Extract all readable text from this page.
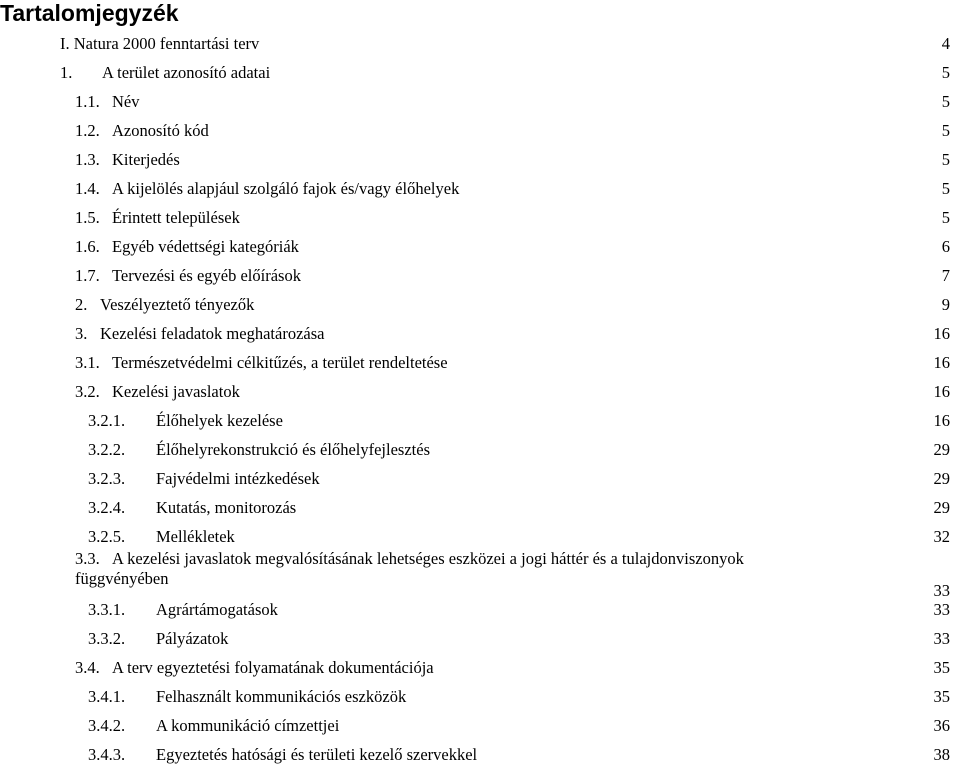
Tartalomjegyzék
I. Natura 2000 fenntartási terv	4
1. A terület azonosító adatai	5
1.1. Név	5
1.2. Azonosító kód	5
1.3. Kiterjedés	5
1.4. A kijelölés alapjául szolgáló fajok és/vagy élőhelyek	5
1.5. Érintett települések	5
1.6. Egyéb védettségi kategóriák	6
1.7. Tervezési és egyéb előírások	7
2. Veszélyeztető tényezők	9
3. Kezelési feladatok meghatározása	16
3.1. Természetvédelmi célkitűzés, a terület rendeltetése	16
3.2. Kezelési javaslatok	16
3.2.1. Élőhelyek kezelése	16
3.2.2. Élőhelyrekonstrukció és élőhelyfejlesztés	29
3.2.3. Fajvédelmi intézkedések	29
3.2.4. Kutatás, monitorozás	29
3.2.5. Mellékletek	32
3.3. A kezelési javaslatok megvalósításának lehetséges eszközei a jogi háttér és a tulajdonviszonyok
függvényében
33
3.3.1. Agrártámogatások	33
3.3.2. Pályázatok	33
3.4. A terv egyeztetési folyamatának dokumentációja	35
3.4.1. Felhasznált kommunikációs eszközök	35
3.4.2. A kommunikáció címzettjei	36
3.4.3. Egyeztetés hatósági és területi kezelő szervekkel	38
